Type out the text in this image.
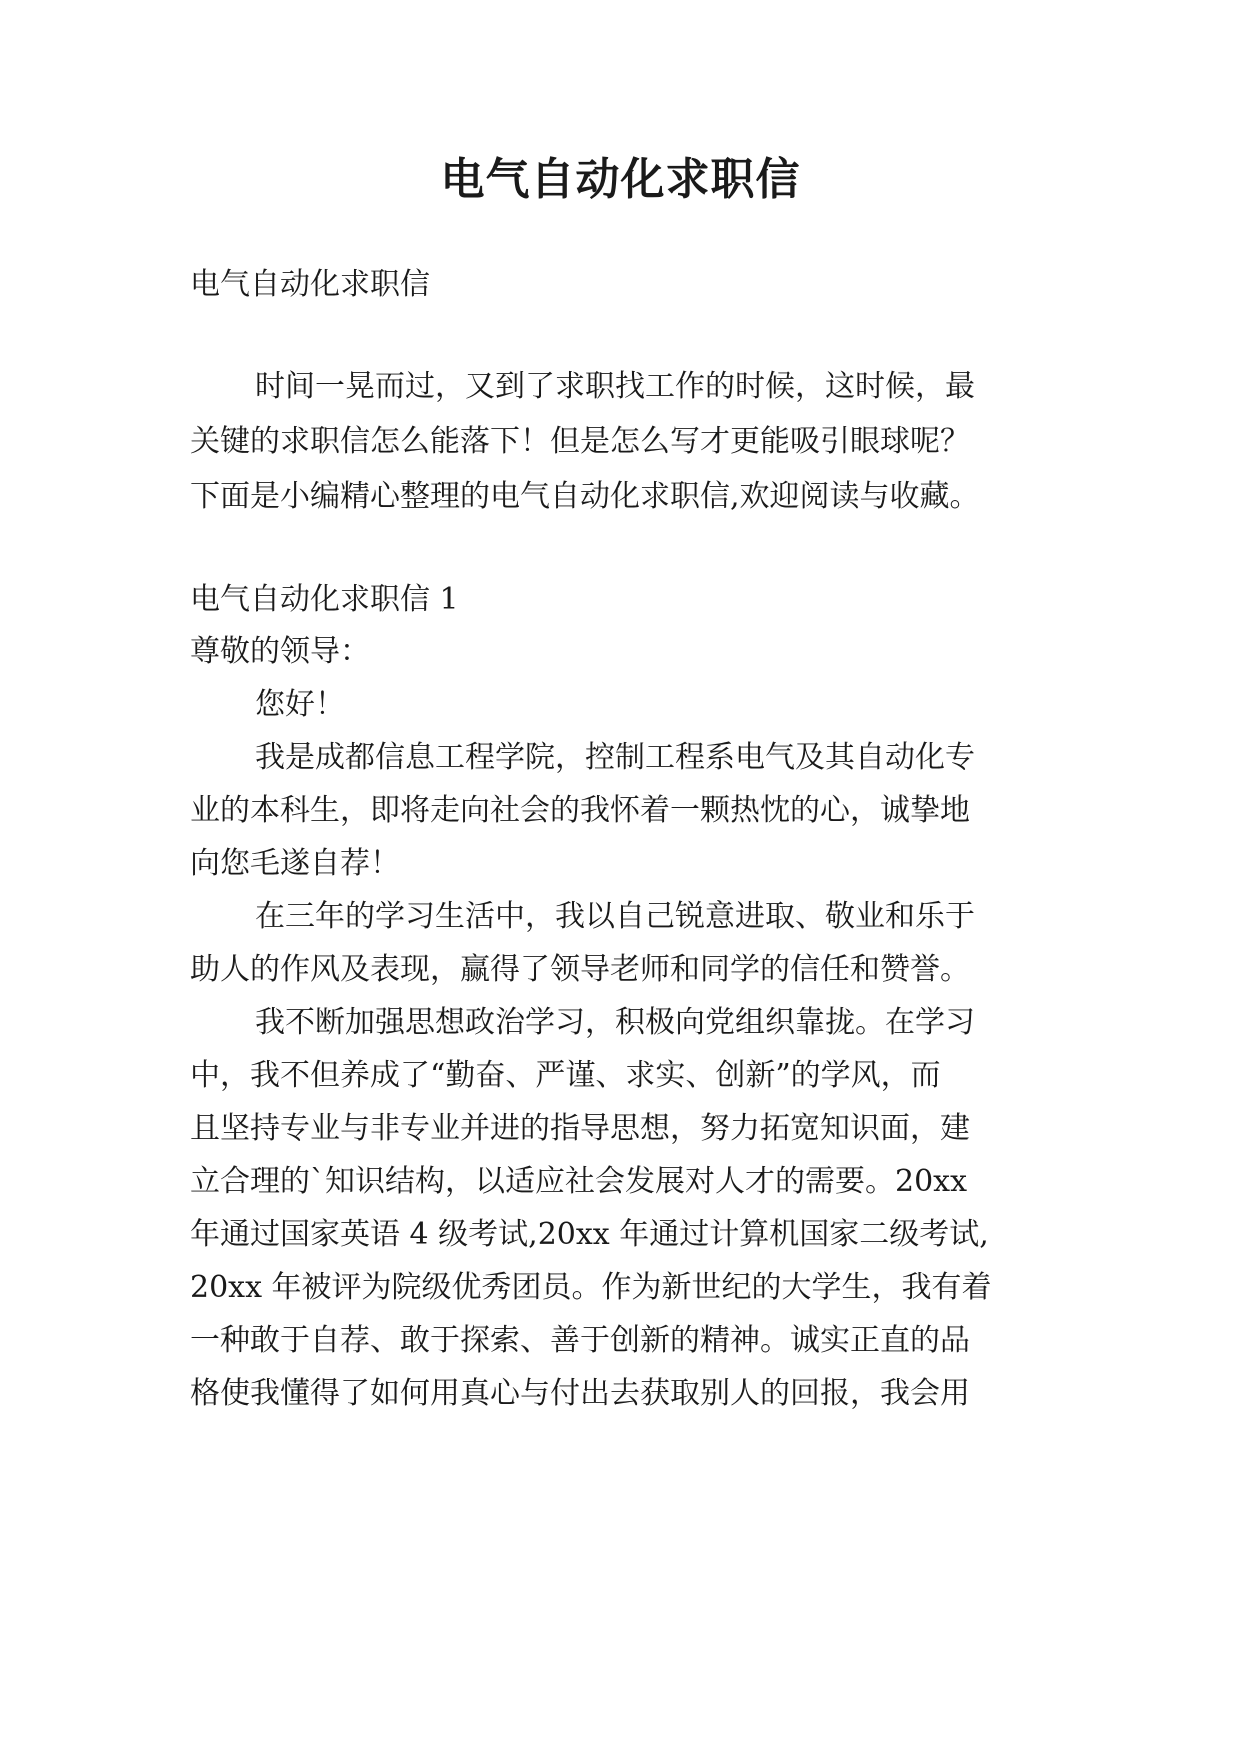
电气自动化求职信

电气自动化求职信

时间一晃而过，又到了求职找工作的时候，这时候，最

关键的求职信怎么能落下！但是怎么写才更能吸引眼球呢？

下面是小编精心整理的电气自动化求职信,欢迎阅读与收藏。

电气自动化求职信 1

尊敬的领导：

您好！

我是成都信息工程学院，控制工程系电气及其自动化专

业的本科生，即将走向社会的我怀着一颗热忱的心，诚挚地

向您毛遂自荐！

在三年的学习生活中，我以自己锐意进取、敬业和乐于

助人的作风及表现，赢得了领导老师和同学的信任和赞誉。

我不断加强思想政治学习，积极向党组织靠拢。在学习

中，我不但养成了“勤奋、严谨、求实、创新”的学风，而

且坚持专业与非专业并进的指导思想，努力拓宽知识面，建

立合理的`知识结构，以适应社会发展对人才的需要。20xx

年通过国家英语 4 级考试,20xx 年通过计算机国家二级考试,

20xx 年被评为院级优秀团员。作为新世纪的大学生，我有着

一种敢于自荐、敢于探索、善于创新的精神。诚实正直的品

格使我懂得了如何用真心与付出去获取别人的回报，我会用
